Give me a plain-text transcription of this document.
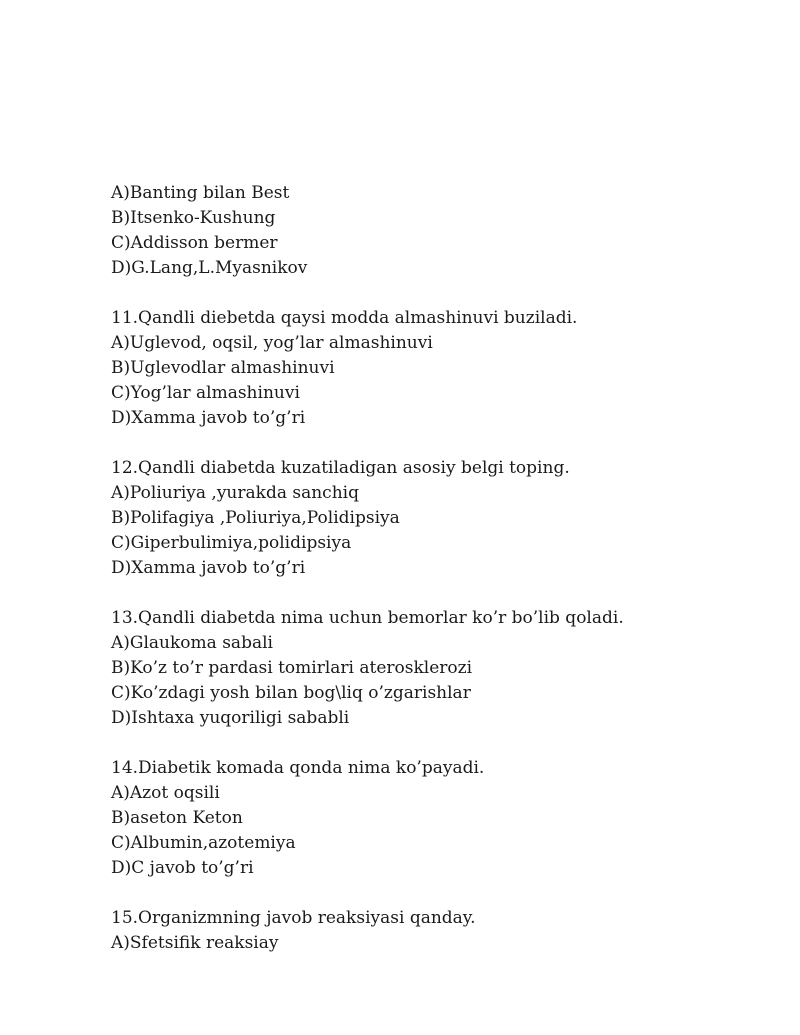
A)Banting bilan Best
B)Itsenko-Kushung
C)Addisson bermer
D)G.Lang,L.Myasnikov
11.Qandli diebetda qaysi modda almashinuvi buziladi.
A)Uglevod, oqsil, yog’lar almashinuvi
B)Uglevodlar almashinuvi
C)Yog’lar almashinuvi
D)Xamma javob to’g’ri
12.Qandli diabetda kuzatiladigan asosiy belgi toping.
A)Poliuriya ,yurakda sanchiq
B)Polifagiya ,Poliuriya,Polidipsiya
C)Giperbulimiya,polidipsiya
D)Xamma javob to’g’ri
13.Qandli diabetda nima uchun bemorlar ko’r bo’lib qoladi.
A)Glaukoma sabali
B)Ko’z to’r pardasi tomirlari aterosklerozi
C)Ko’zdagi yosh bilan bog\liq o’zgarishlar
D)Ishtaxa yuqoriligi sababli
14.Diabetik komada qonda nima ko’payadi.
A)Azot oqsili
B)aseton Keton
C)Albumin,azotemiya
D)C javob to’g’ri
15.Organizmning javob reaksiyasi qanday.
A)Sfetsifik reaksiay
